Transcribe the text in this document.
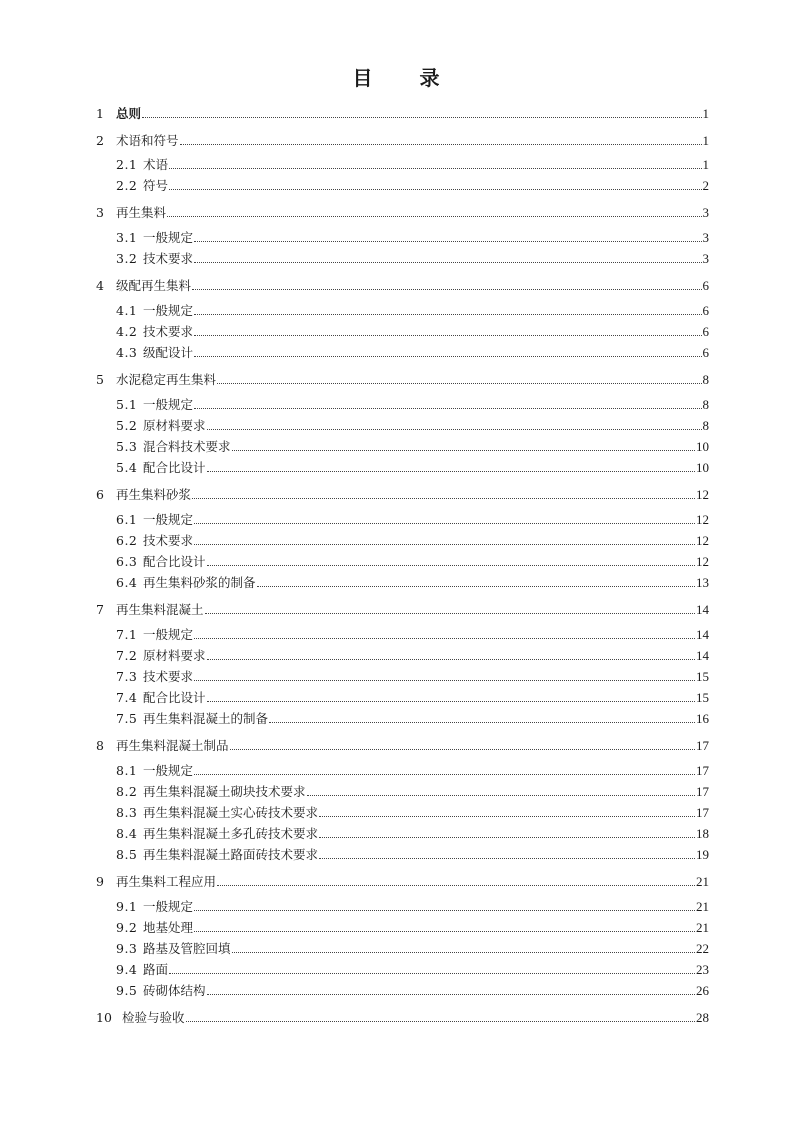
目 录
1 总则	1
2 术语和符号	1
2.1 术语	1
2.2 符号	2
3 再生集料	3
3.1 一般规定	3
3.2 技术要求	3
4 级配再生集料	6
4.1 一般规定	6
4.2 技术要求	6
4.3 级配设计	6
5 水泥稳定再生集料	8
5.1 一般规定	8
5.2 原材料要求	8
5.3 混合料技术要求	10
5.4 配合比设计	10
6 再生集料砂浆	12
6.1 一般规定	12
6.2 技术要求	12
6.3 配合比设计	12
6.4 再生集料砂浆的制备	13
7 再生集料混凝土	14
7.1 一般规定	14
7.2 原材料要求	14
7.3 技术要求	15
7.4 配合比设计	15
7.5 再生集料混凝土的制备	16
8 再生集料混凝土制品	17
8.1 一般规定	17
8.2 再生集料混凝土砌块技术要求	17
8.3 再生集料混凝土实心砖技术要求	17
8.4 再生集料混凝土多孔砖技术要求	18
8.5 再生集料混凝土路面砖技术要求	19
9 再生集料工程应用	21
9.1 一般规定	21
9.2 地基处理	21
9.3 路基及管腔回填	22
9.4 路面	23
9.5 砖砌体结构	26
10 检验与验收	28
